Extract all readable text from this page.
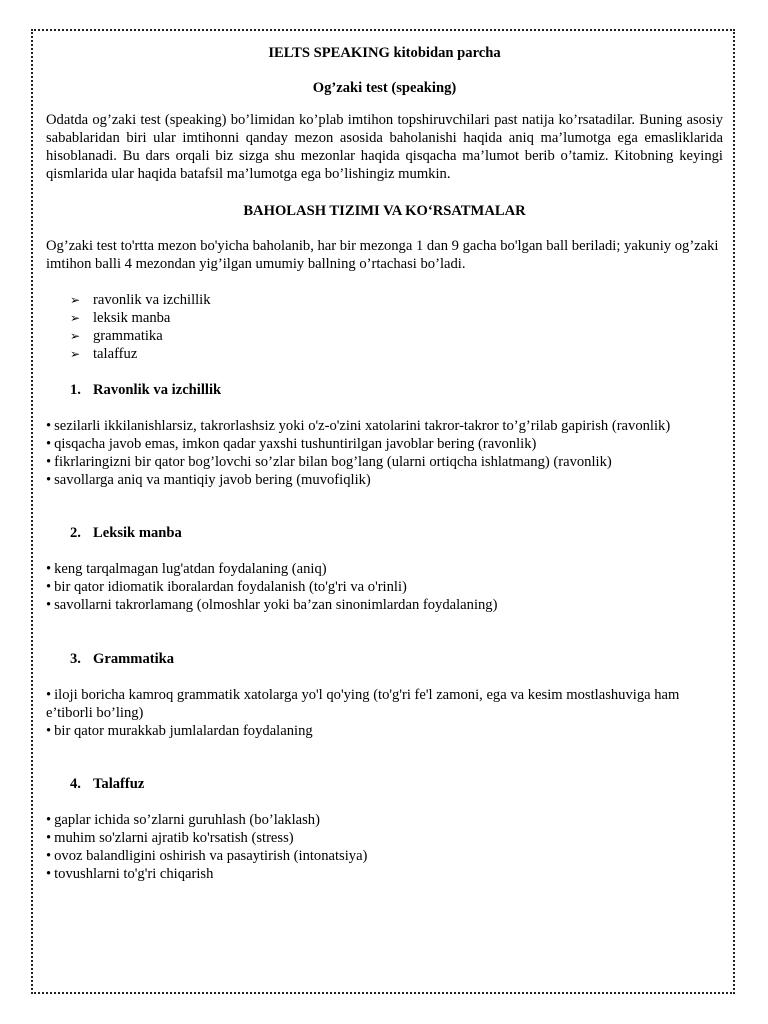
IELTS SPEAKING kitobidan parcha

Og’zaki test (speaking)

Odatda og’zaki test (speaking) bo’limidan ko’plab imtihon topshiruvchilari past natija ko’rsatadilar. Buning asosiy sabablaridan biri ular imtihonni qanday mezon asosida baholanishi haqida aniq ma’lumotga ega emasliklarida hisoblanadi. Bu dars orqali biz sizga shu mezonlar haqida qisqacha ma’lumot berib o’tamiz. Kitobning keyingi qismlarida ular haqida batafsil ma’lumotga ega bo’lishingiz mumkin.

BAHOLASH TIZIMI VA KO‘RSATMALAR

Og’zaki test to'rtta mezon bo'yicha baholanib, har bir mezonga 1 dan 9 gacha bo'lgan ball beriladi; yakuniy og’zaki imtihon balli 4 mezondan yig’ilgan umumiy ballning o’rtachasi bo’ladi.

➢ ravonlik va izchillik
➢ leksik manba
➢ grammatika
➢ talaffuz

1. Ravonlik va izchillik

• sezilarli ikkilanishlarsiz, takrorlashsiz yoki o'z-o'zini xatolarini takror-takror to’g’rilab gapirish (ravonlik)
• qisqacha javob emas, imkon qadar yaxshi tushuntirilgan javoblar bering (ravonlik)
• fikrlaringizni bir qator bog’lovchi so’zlar bilan bog’lang (ularni ortiqcha ishlatmang) (ravonlik)
• savollarga aniq va mantiqiy javob bering (muvofiqlik)

2. Leksik manba

• keng tarqalmagan lug'atdan foydalaning (aniq)
• bir qator idiomatik iboralardan foydalanish (to'g'ri va o'rinli)
• savollarni takrorlamang (olmoshlar yoki ba’zan sinonimlardan foydalaning)

3. Grammatika

• iloji boricha kamroq grammatik xatolarga yo'l qo'ying (to'g'ri fe'l zamoni, ega va kesim mostlashuviga ham e’tiborli bo’ling)
• bir qator murakkab jumlalardan foydalaning

4. Talaffuz

• gaplar ichida so’zlarni guruhlash (bo’laklash)
• muhim so'zlarni ajratib ko'rsatish (stress)
• ovoz balandligini oshirish va pasaytirish (intonatsiya)
• tovushlarni to'g'ri chiqarish
